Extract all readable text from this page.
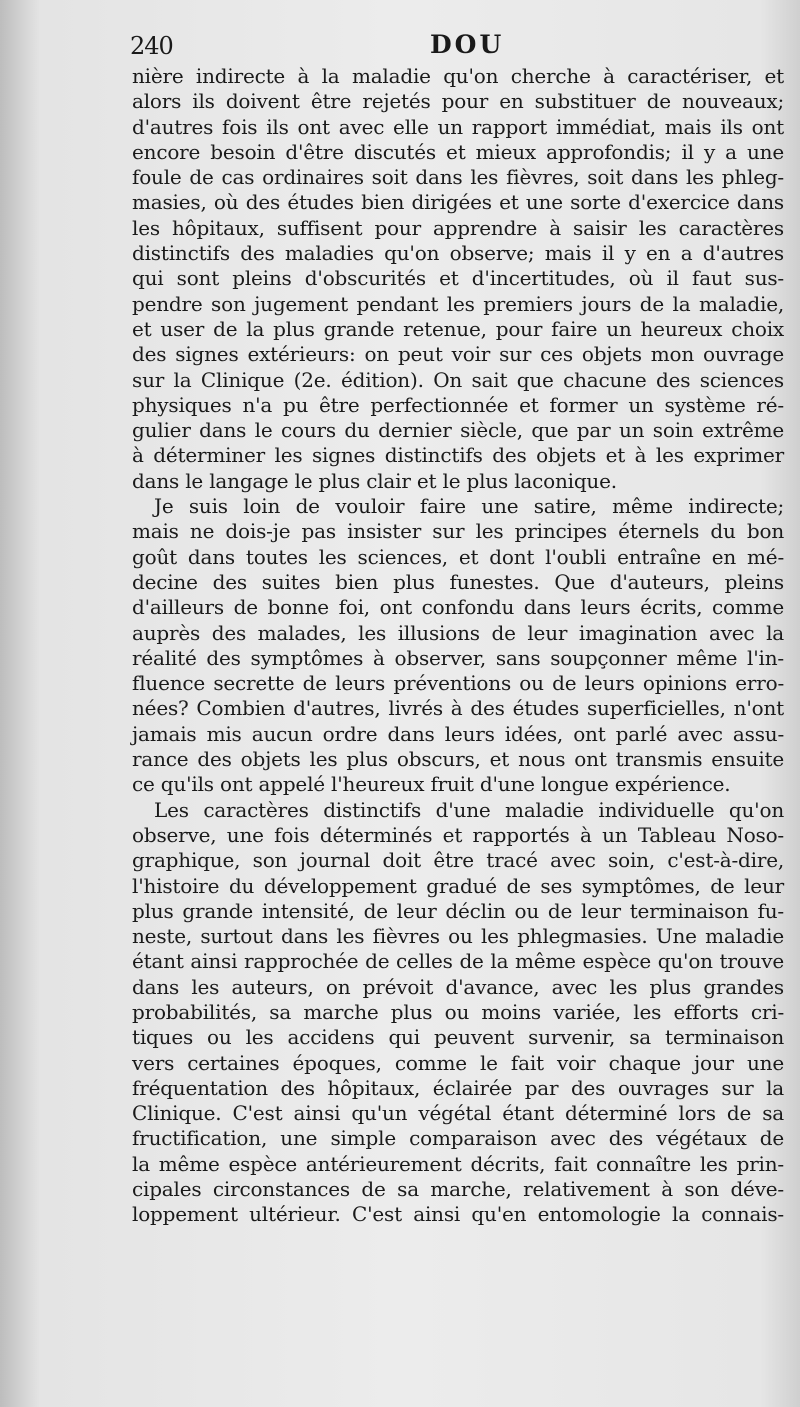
240	DOU
nière indirecte à la maladie qu'on cherche à caractériser, et
alors ils doivent être rejetés pour en substituer de nouveaux;
d'autres fois ils ont avec elle un rapport immédiat, mais ils ont
encore besoin d'être discutés et mieux approfondis; il y a une
foule de cas ordinaires soit dans les fièvres, soit dans les phleg-
masies, où des études bien dirigées et une sorte d'exercice dans
les hôpitaux, suffisent pour apprendre à saisir les caractères
distinctifs des maladies qu'on observe; mais il y en a d'autres
qui sont pleins d'obscurités et d'incertitudes, où il faut sus-
pendre son jugement pendant les premiers jours de la maladie,
et user de la plus grande retenue, pour faire un heureux choix
des signes extérieurs: on peut voir sur ces objets mon ouvrage
sur la Clinique (2e. édition). On sait que chacune des sciences
physiques n'a pu être perfectionnée et former un système ré-
gulier dans le cours du dernier siècle, que par un soin extrême
à déterminer les signes distinctifs des objets et à les exprimer
dans le langage le plus clair et le plus laconique.
Je suis loin de vouloir faire une satire, même indirecte;
mais ne dois-je pas insister sur les principes éternels du bon
goût dans toutes les sciences, et dont l'oubli entraîne en mé-
decine des suites bien plus funestes. Que d'auteurs, pleins
d'ailleurs de bonne foi, ont confondu dans leurs écrits, comme
auprès des malades, les illusions de leur imagination avec la
réalité des symptômes à observer, sans soupçonner même l'in-
fluence secrette de leurs préventions ou de leurs opinions erro-
nées? Combien d'autres, livrés à des études superficielles, n'ont
jamais mis aucun ordre dans leurs idées, ont parlé avec assu-
rance des objets les plus obscurs, et nous ont transmis ensuite
ce qu'ils ont appelé l'heureux fruit d'une longue expérience.
Les caractères distinctifs d'une maladie individuelle qu'on
observe, une fois déterminés et rapportés à un Tableau Noso-
graphique, son journal doit être tracé avec soin, c'est-à-dire,
l'histoire du développement gradué de ses symptômes, de leur
plus grande intensité, de leur déclin ou de leur terminaison fu-
neste, surtout dans les fièvres ou les phlegmasies. Une maladie
étant ainsi rapprochée de celles de la même espèce qu'on trouve
dans les auteurs, on prévoit d'avance, avec les plus grandes
probabilités, sa marche plus ou moins variée, les efforts cri-
tiques ou les accidens qui peuvent survenir, sa terminaison
vers certaines époques, comme le fait voir chaque jour une
fréquentation des hôpitaux, éclairée par des ouvrages sur la
Clinique. C'est ainsi qu'un végétal étant déterminé lors de sa
fructification, une simple comparaison avec des végétaux de
la même espèce antérieurement décrits, fait connaître les prin-
cipales circonstances de sa marche, relativement à son déve-
loppement ultérieur. C'est ainsi qu'en entomologie la connais-
